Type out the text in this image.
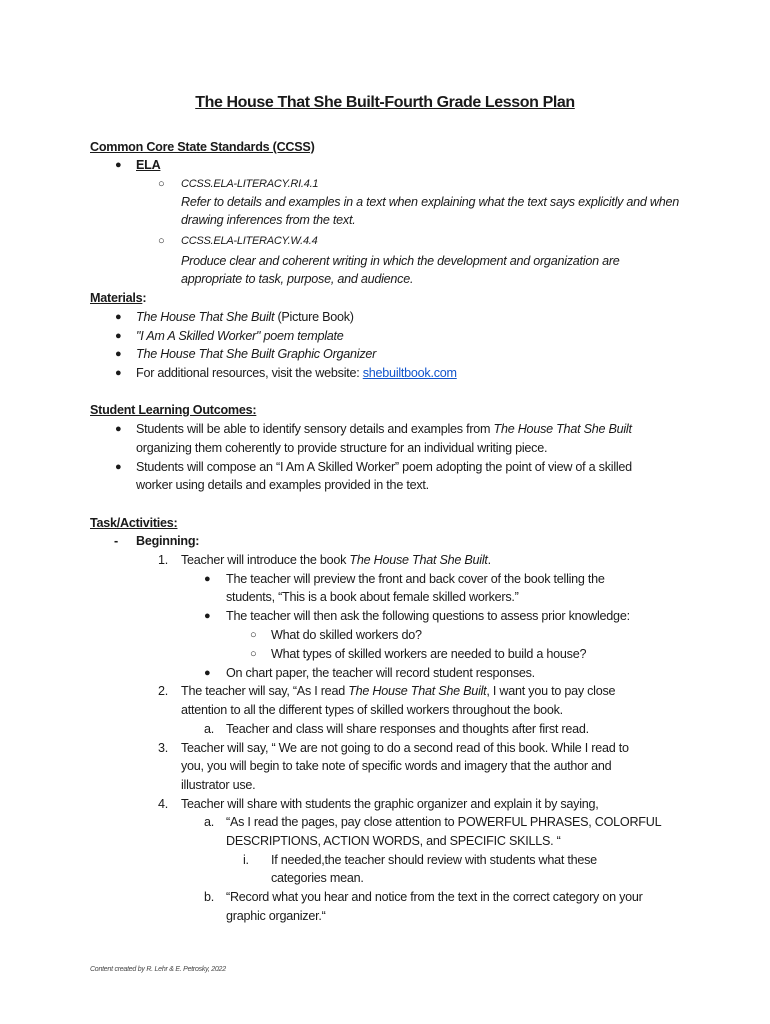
The House That She Built-Fourth Grade Lesson Plan
Common Core State Standards (CCSS)
● ELA
○ CCSS.ELA-LITERACY.RI.4.1
Refer to details and examples in a text when explaining what the text says explicitly and when
drawing inferences from the text.
○ CCSS.ELA-LITERACY.W.4.4
Produce clear and coherent writing in which the development and organization are
appropriate to task, purpose, and audience.
Materials:
● The House That She Built (Picture Book)
● "I Am A Skilled Worker" poem template
● The House That She Built Graphic Organizer
● For additional resources, visit the website: shebuiltbook.com
Student Learning Outcomes:
● Students will be able to identify sensory details and examples from The House That She Built
organizing them coherently to provide structure for an individual writing piece.
● Students will compose an “I Am A Skilled Worker” poem adopting the point of view of a skilled
worker using details and examples provided in the text.
Task/Activities:
- Beginning:
1. Teacher will introduce the book The House That She Built.
● The teacher will preview the front and back cover of the book telling the
students, “This is a book about female skilled workers.”
● The teacher will then ask the following questions to assess prior knowledge:
○ What do skilled workers do?
○ What types of skilled workers are needed to build a house?
● On chart paper, the teacher will record student responses.
2. The teacher will say, “As I read The House That She Built, I want you to pay close
attention to all the different types of skilled workers throughout the book.
a. Teacher and class will share responses and thoughts after first read.
3. Teacher will say, “ We are not going to do a second read of this book. While I read to
you, you will begin to take note of specific words and imagery that the author and
illustrator use.
4. Teacher will share with students the graphic organizer and explain it by saying,
a. “As I read the pages, pay close attention to POWERFUL PHRASES, COLORFUL
DESCRIPTIONS, ACTION WORDS, and SPECIFIC SKILLS. “
i. If needed,the teacher should review with students what these
categories mean.
b. “Record what you hear and notice from the text in the correct category on your
graphic organizer.“
Content created by R. Lehr & E. Petrosky, 2022
